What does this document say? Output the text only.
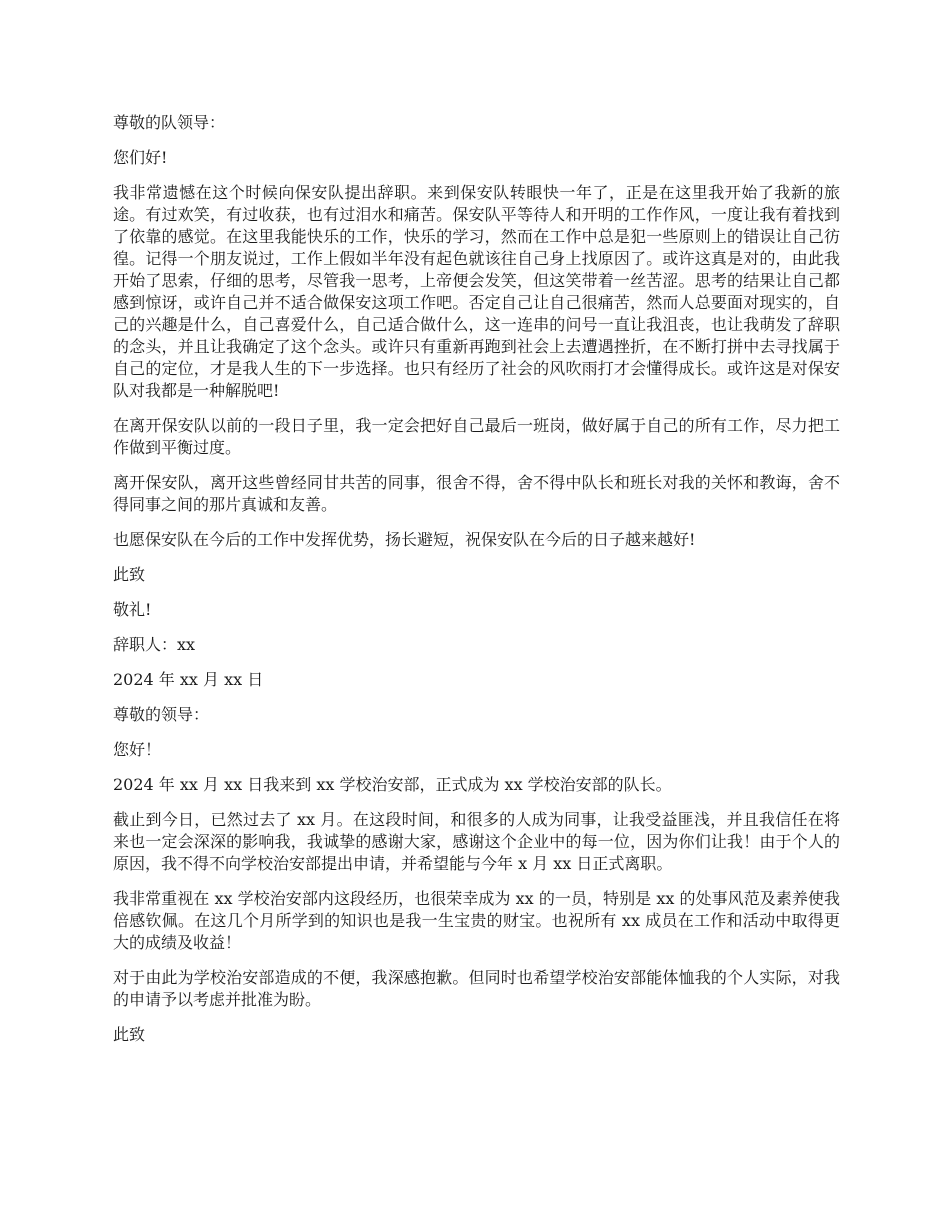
尊敬的队领导：

您们好!

我非常遗憾在这个时候向保安队提出辞职。来到保安队转眼快一年了，正是在这里我开始了我新的旅途。有过欢笑，有过收获，也有过泪水和痛苦。保安队平等待人和开明的工作作风，一度让我有着找到了依靠的感觉。在这里我能快乐的工作，快乐的学习，然而在工作中总是犯一些原则上的错误让自己彷徨。记得一个朋友说过，工作上假如半年没有起色就该往自己身上找原因了。或许这真是对的，由此我开始了思索，仔细的思考，尽管我一思考，上帝便会发笑，但这笑带着一丝苦涩。思考的结果让自己都感到惊讶，或许自己并不适合做保安这项工作吧。否定自己让自己很痛苦，然而人总要面对现实的，自己的兴趣是什么，自己喜爱什么，自己适合做什么，这一连串的问号一直让我沮丧，也让我萌发了辞职的念头，并且让我确定了这个念头。或许只有重新再跑到社会上去遭遇挫折，在不断打拼中去寻找属于自己的定位，才是我人生的下一步选择。也只有经历了社会的风吹雨打才会懂得成长。或许这是对保安队对我都是一种解脱吧!

在离开保安队以前的一段日子里，我一定会把好自己最后一班岗，做好属于自己的所有工作，尽力把工作做到平衡过度。

离开保安队，离开这些曾经同甘共苦的同事，很舍不得，舍不得中队长和班长对我的关怀和教诲，舍不得同事之间的那片真诚和友善。

也愿保安队在今后的工作中发挥优势，扬长避短，祝保安队在今后的日子越来越好!

此致

敬礼!

辞职人：xx

2024 年 xx 月 xx 日

尊敬的领导：

您好！

2024 年 xx 月 xx 日我来到 xx 学校治安部，正式成为 xx 学校治安部的队长。

截止到今日，已然过去了 xx 月。在这段时间，和很多的人成为同事，让我受益匪浅，并且我信任在将来也一定会深深的影响我，我诚挚的感谢大家，感谢这个企业中的每一位，因为你们让我！由于个人的原因，我不得不向学校治安部提出申请，并希望能与今年 x 月 xx 日正式离职。

我非常重视在 xx 学校治安部内这段经历，也很荣幸成为 xx 的一员，特别是 xx 的处事风范及素养使我倍感钦佩。在这几个月所学到的知识也是我一生宝贵的财宝。也祝所有 xx 成员在工作和活动中取得更大的成绩及收益！

对于由此为学校治安部造成的不便，我深感抱歉。但同时也希望学校治安部能体恤我的个人实际，对我的申请予以考虑并批准为盼。

此致
